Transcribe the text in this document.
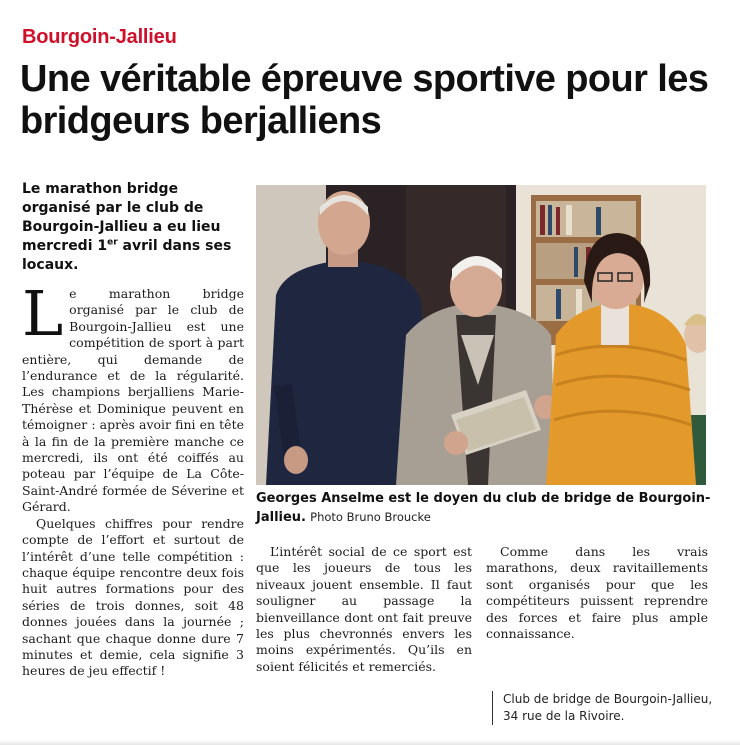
Bourgoin-Jallieu
Une véritable épreuve sportive pour les bridgeurs berjalliens
Le marathon bridge organisé par le club de Bourgoin-Jallieu a eu lieu mercredi 1er avril dans ses locaux.
Georges Anselme est le doyen du club de bridge de Bourgoin-Jallieu. Photo Bruno Broucke

Le marathon bridge organisé par le club de Bourgoin-Jallieu est une compétition de sport à part entière, qui demande de l’endurance et de la régularité. Les champions berjalliens Marie-Thérèse et Dominique peuvent en témoigner : après avoir fini en tête à la fin de la première manche ce mercredi, ils ont été coiffés au poteau par l’équipe de La Côte-Saint-André formée de Séverine et Gérard.

Quelques chiffres pour rendre compte de l’effort et surtout de l’intérêt d’une telle compétition : chaque équipe rencontre deux fois huit autres formations pour des séries de trois donnes, soit 48 donnes jouées dans la journée ; sachant que chaque donne dure 7 minutes et demie, cela signifie 3 heures de jeu effectif !

L’intérêt social de ce sport est que les joueurs de tous les niveaux jouent ensemble. Il faut souligner au passage la bienveillance dont ont fait preuve les plus chevronnés envers les moins expérimentés. Qu’ils en soient félicités et remerciés.

Comme dans les vrais marathons, deux ravitaillements sont organisés pour que les compétiteurs puissent reprendre des forces et faire plus ample connaissance.

Club de bridge de Bourgoin-Jallieu, 34 rue de la Rivoire.
